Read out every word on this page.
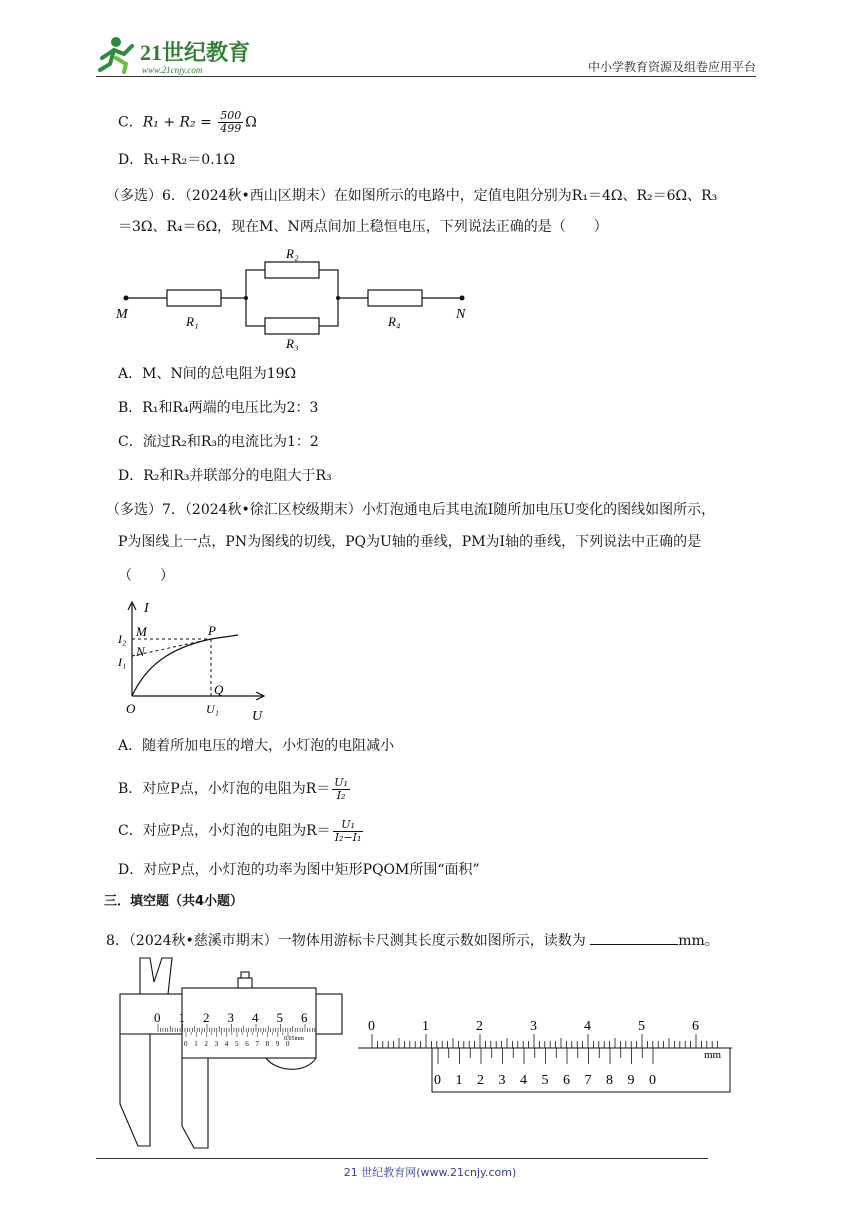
21世纪教育
www.21cnjy.com	中小学教育资源及组卷应用平台
C．$R_1 + R_2 = \frac{500}{499}$ Ω
D．R₁+R₂＝0.1Ω
（多选）6．（2024秋•西山区期末）在如图所示的电路中，定值电阻分别为R₁＝4Ω、R₂＝6Ω、R₃
＝3Ω、R₄＝6Ω，现在M、N两点间加上稳恒电压，下列说法正确的是（　　）
M	N
R₁
R₂
R₃
R₄
A．M、N间的总电阻为19Ω
B．R₁和R₄两端的电压比为2：3
C．流过R₂和R₃的电流比为1：2
D．R₂和R₃并联部分的电阻大于R₃
（多选）7．（2024秋•徐汇区校级期末）小灯泡通电后其电流I随所加电压U变化的图线如图所示，
P为图线上一点，PN为图线的切线，PQ为U轴的垂线，PM为I轴的垂线，下列说法中正确的是
（　　）
I
U
O
I₂
I₁
M
N
P
Q
U₁
A．随着所加电压的增大，小灯泡的电阻减小
B．对应P点，小灯泡的电阻为$R= \frac{\text{U₁}}{\text{I₂}}$
C．对应P点，小灯泡的电阻为$R= \frac{\text{U₁}}{\text{I₂−I₁}}$
D．对应P点，小灯泡的功率为图中矩形PQOM所围“面积”
三．填空题（共4小题）
8．（2024秋•慈溪市期末）一物体用游标卡尺测其长度示数如图所示，读数为	mm。
0 1 2 3 4 5 6
0 1 2 3 4 5 6 7 8 9 0
0.05mm
0	1	2	3	4	5	6
0 1 2 3 4 5 6 7 8 9 0
mm
21 世纪教育网(www.21cnjy.com)
